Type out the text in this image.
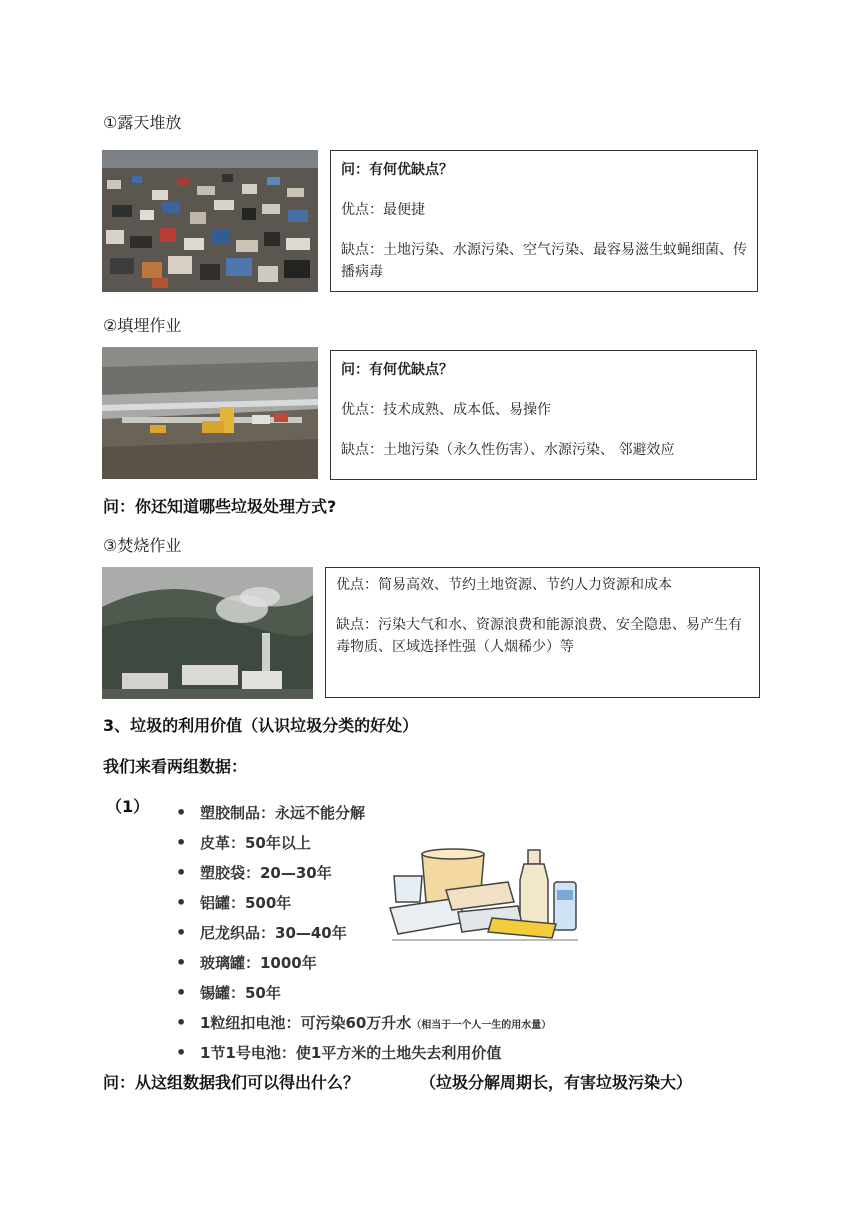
①露天堆放

问：有何优缺点？

优点：最便捷

缺点：土地污染、水源污染、空气污染、最容易滋生蚊蝇细菌、传播病毒

②填埋作业

问：有何优缺点？

优点：技术成熟、成本低、易操作

缺点：土地污染（永久性伤害）、水源污染、 邻避效应

问：你还知道哪些垃圾处理方式?
③焚烧作业

优点：简易高效、节约土地资源、节约人力资源和成本

缺点：污染大气和水、资源浪费和能源浪费、安全隐患、易产生有毒物质、区域选择性强（人烟稀少）等

3、垃圾的利用价值（认识垃圾分类的好处）
我们来看两组数据：
（1）
•	塑胶制品：永远不能分解
• 皮革：50年以上
• 塑胶袋：20—30年
• 铝罐：500年
• 尼龙织品：30—40年
• 玻璃罐：1000年
• 锡罐：50年
• 1粒纽扣电池：可污染60万升水（相当于一个人一生的用水量）
• 1节1号电池：使1平方米的土地失去利用价值
问：从这组数据我们可以得出什么？	（垃圾分解周期长，有害垃圾污染大）
